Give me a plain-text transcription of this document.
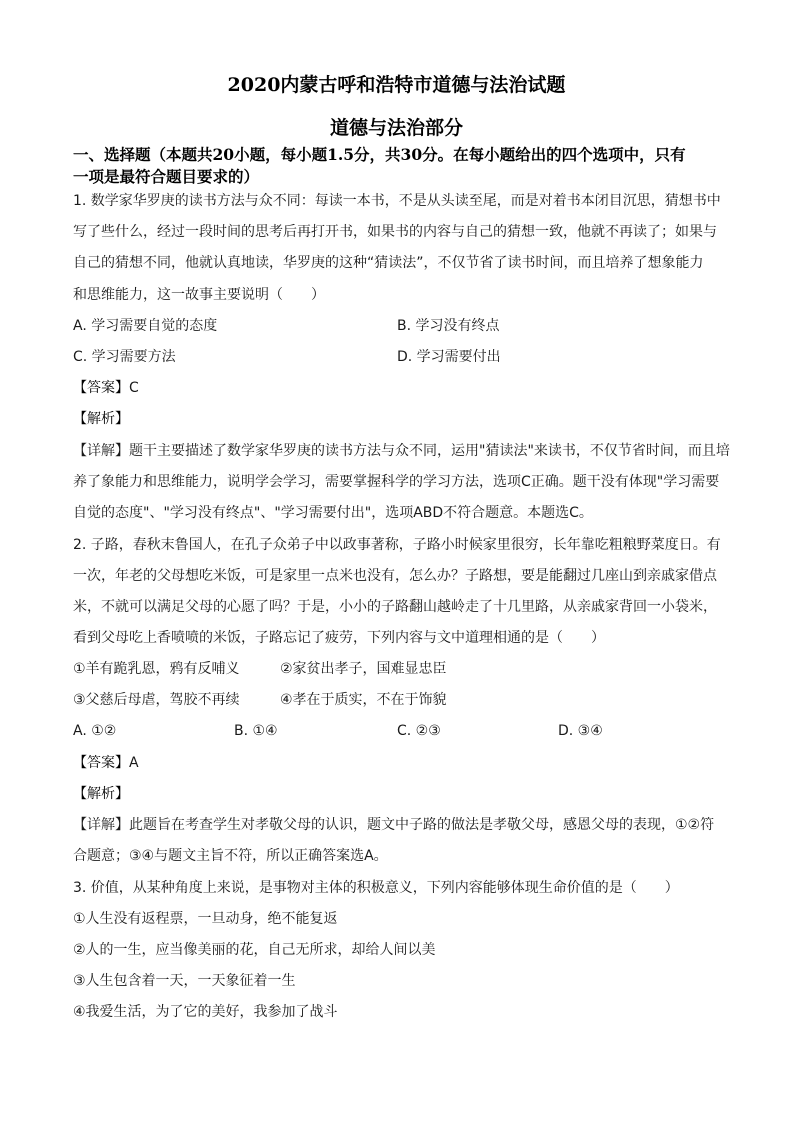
2020内蒙古呼和浩特市道德与法治试题
道德与法治部分
一、选择题（本题共20小题，每小题1.5分，共30分。在每小题给出的四个选项中，只有
一项是最符合题目要求的）
1. 数学家华罗庚的读书方法与众不同：每读一本书，不是从头读至尾，而是对着书本闭目沉思，猜想书中
写了些什么，经过一段时间的思考后再打开书，如果书的内容与自己的猜想一致，他就不再读了；如果与
自己的猜想不同，他就认真地读，华罗庚的这种“猜读法”，不仅节省了读书时间，而且培养了想象能力
和思维能力，这一故事主要说明（　　）
A. 学习需要自觉的态度	B. 学习没有终点
C. 学习需要方法	D. 学习需要付出
【答案】C
【解析】
【详解】题干主要描述了数学家华罗庚的读书方法与众不同，运用"猜读法"来读书，不仅节省时间，而且培
养了象能力和思维能力，说明学会学习，需要掌握科学的学习方法，选项C正确。题干没有体现"学习需要
自觉的态度"、"学习没有终点"、"学习需要付出"，选项ABD不符合题意。本题选C。
2. 子路，春秋末鲁国人，在孔子众弟子中以政事著称，子路小时候家里很穷，长年靠吃粗粮野菜度日。有
一次，年老的父母想吃米饭，可是家里一点米也没有，怎么办？子路想，要是能翻过几座山到亲戚家借点
米，不就可以满足父母的心愿了吗？于是，小小的子路翻山越岭走了十几里路，从亲戚家背回一小袋米，
看到父母吃上香喷喷的米饭，子路忘记了疲劳，下列内容与文中道理相通的是（　　）
①羊有跪乳恩，鸦有反哺义	②家贫出孝子，国难显忠臣
③父慈后母虐，驾胶不再续	④孝在于质实，不在于饰貌
A. ①②	B. ①④	C. ②③	D. ③④
【答案】A
【解析】
【详解】此题旨在考查学生对孝敬父母的认识，题文中子路的做法是孝敬父母，感恩父母的表现，①②符
合题意；③④与题文主旨不符，所以正确答案选A。
3. 价值，从某种角度上来说，是事物对主体的积极意义，下列内容能够体现生命价值的是（　　）
①人生没有返程票，一旦动身，绝不能复返
②人的一生，应当像美丽的花，自己无所求，却给人间以美
③人生包含着一天，一天象征着一生
④我爱生活，为了它的美好，我参加了战斗
